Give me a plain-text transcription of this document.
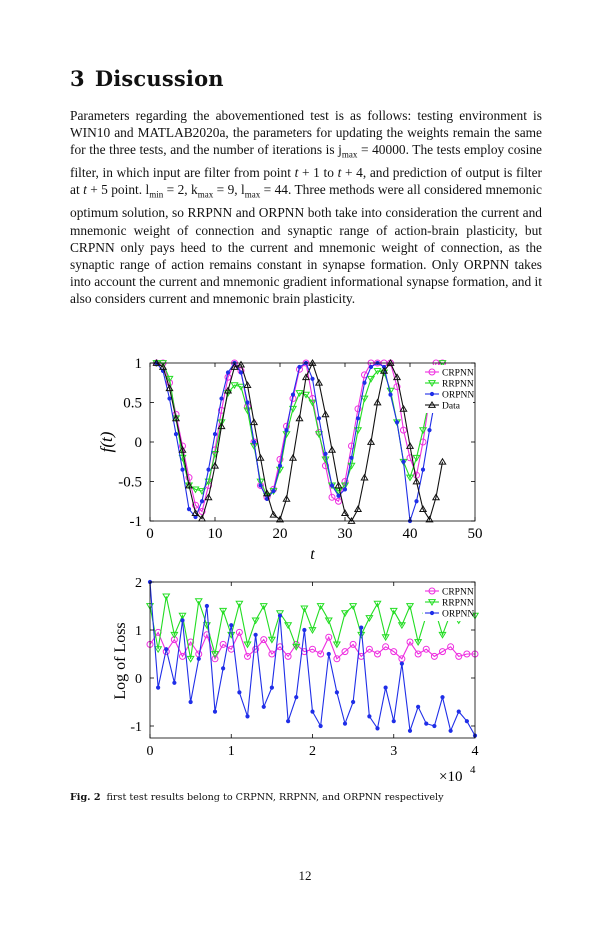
3 Discussion

Parameters regarding the abovementioned test is as follows: testing environment is WIN10 and MATLAB2020a, the parameters for updating the weights remain the same for the three tests, and the number of iterations is $j_{max} = 40000$. The tests employ cosine filter, in which input are filter from point t + 1 to t + 4, and prediction of output is filter at t + 5 point. $l_{min} = 2$, $k_{max} = 9$, $l_{max} = 44$. Three methods were all considered mnemonic optimum solution, so RRPNN and ORPNN both take into consideration the current and mnemonic weight of connection and synaptic range of action-brain plasticity, but CRPNN only pays heed to the current and mnemonic weight of connection, as the synaptic range of action remains constant in synapse formation. Only ORPNN takes into account the current and mnemonic gradient informational synapse formation, and it also considers current and mnemonic brain plasticity.

0	10	20	30	40	50
-1
-0.5
0
0.5
1
f(t)
t
CRPNN
RRPNN
ORPNN
Data
0	1	2	3	4
-1
0
1
2
Log of Loss
×10 4
CRPNN
RRPNN
ORPNN

Fig. 2 first test results belong to CRPNN, RRPNN, and ORPNN respectively

12
